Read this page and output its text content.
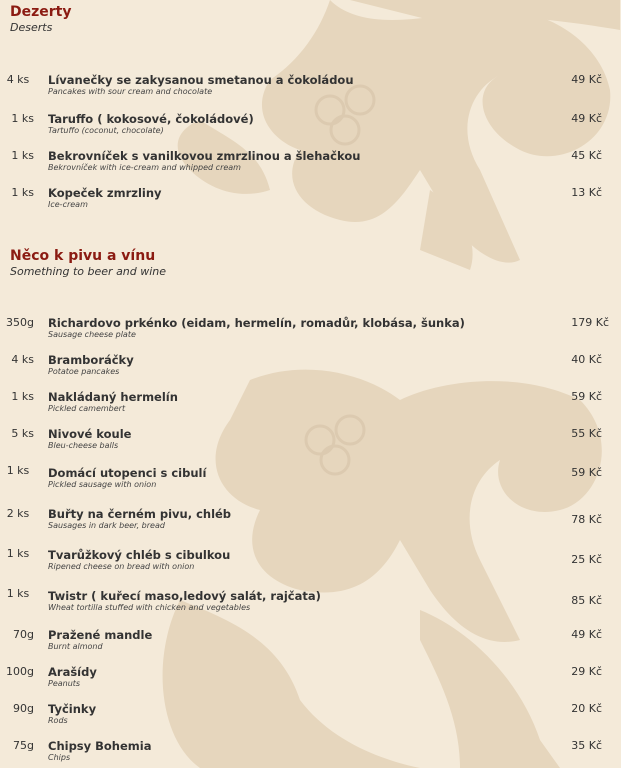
Dezerty
Deserts
4 ks	Lívanečky se zakysanou smetanou a čokoládou
Pancakes with sour cream and chocolate
49 Kč
1 ks Taruffo ( kokosové, čokoládové)
Tartuffo (coconut, chocolate)
49 Kč
1 ks Bekrovníček s vanilkovou zmrzlinou a šlehačkou
Bekrovníček with ice-cream and whipped cream
45 Kč
1 ks Kopeček zmrzliny
Ice-cream
13 Kč
Něco k pivu a vínu
Something to beer and wine
350g Richardovo prkénko (eidam, hermelín, romadůr, klobása, šunka)
Sausage cheese plate
179 Kč
4 ks Bramboráčky
Potatoe pancakes
40 Kč
1 ks Nakládaný hermelín
Pickled camembert
59 Kč
5 ks Nivové koule
Bleu-cheese balls
55 Kč
1 ks	Domácí utopenci s cibulí
Pickled sausage with onion
59 Kč
2 ks	Buřty na černém pivu, chléb
Sausages in dark beer, bread	78 Kč
1 ks	Tvarůžkový chléb s cibulkou
Ripened cheese on bread with onion
25 Kč
1 ks	Twistr ( kuřecí maso,ledový salát, rajčata)
Wheat tortilla stuffed with chicken and vegetables
85 Kč
70g Pražené mandle
Burnt almond
49 Kč
100g Arašídy
Peanuts
29 Kč
90g Tyčinky
Rods
20 Kč
75g Chipsy Bohemia
Chips
35 Kč
